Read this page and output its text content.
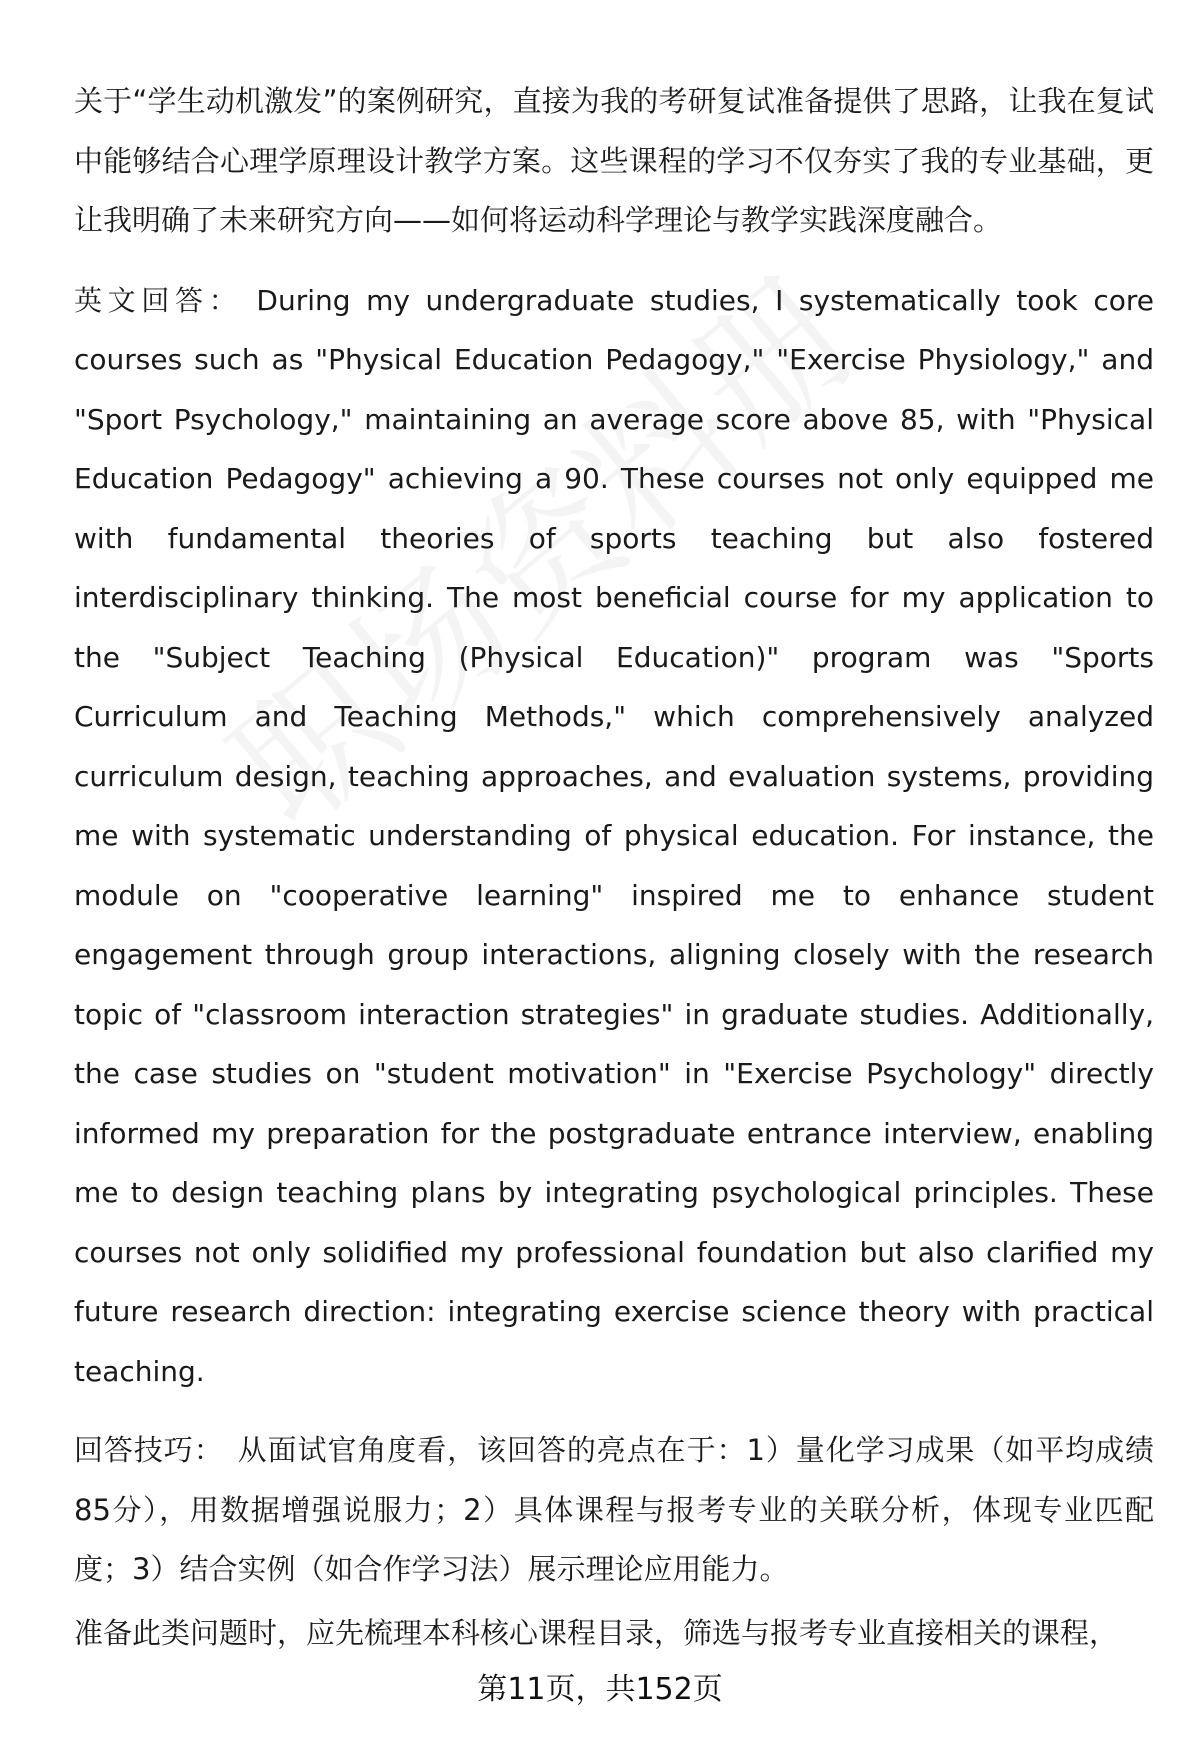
关于“学生动机激发”的案例研究，直接为我的考研复试准备提供了思路，让我在复试中能够结合心理学原理设计教学方案。这些课程的学习不仅夯实了我的专业基础，更让我明确了未来研究方向——如何将运动科学理论与教学实践深度融合。

英文回答： During my undergraduate studies, I systematically took core courses such as "Physical Education Pedagogy," "Exercise Physiology," and "Sport Psychology," maintaining an average score above 85, with "Physical Education Pedagogy" achieving a 90. These courses not only equipped me with fundamental theories of sports teaching but also fostered interdisciplinary thinking. The most beneficial course for my application to the "Subject Teaching (Physical Education)" program was "Sports Curriculum and Teaching Methods," which comprehensively analyzed curriculum design, teaching approaches, and evaluation systems, providing me with systematic understanding of physical education. For instance, the module on "cooperative learning" inspired me to enhance student engagement through group interactions, aligning closely with the research topic of "classroom interaction strategies" in graduate studies. Additionally, the case studies on "student motivation" in "Exercise Psychology" directly informed my preparation for the postgraduate entrance interview, enabling me to design teaching plans by integrating psychological principles. These courses not only solidified my professional foundation but also clarified my future research direction: integrating exercise science theory with practical teaching.

回答技巧： 从面试官角度看，该回答的亮点在于：1）量化学习成果（如平均成绩85分），用数据增强说服力；2）具体课程与报考专业的关联分析，体现专业匹配度；3）结合实例（如合作学习法）展示理论应用能力。

准备此类问题时，应先梳理本科核心课程目录，筛选与报考专业直接相关的课程，

第11页，共152页
